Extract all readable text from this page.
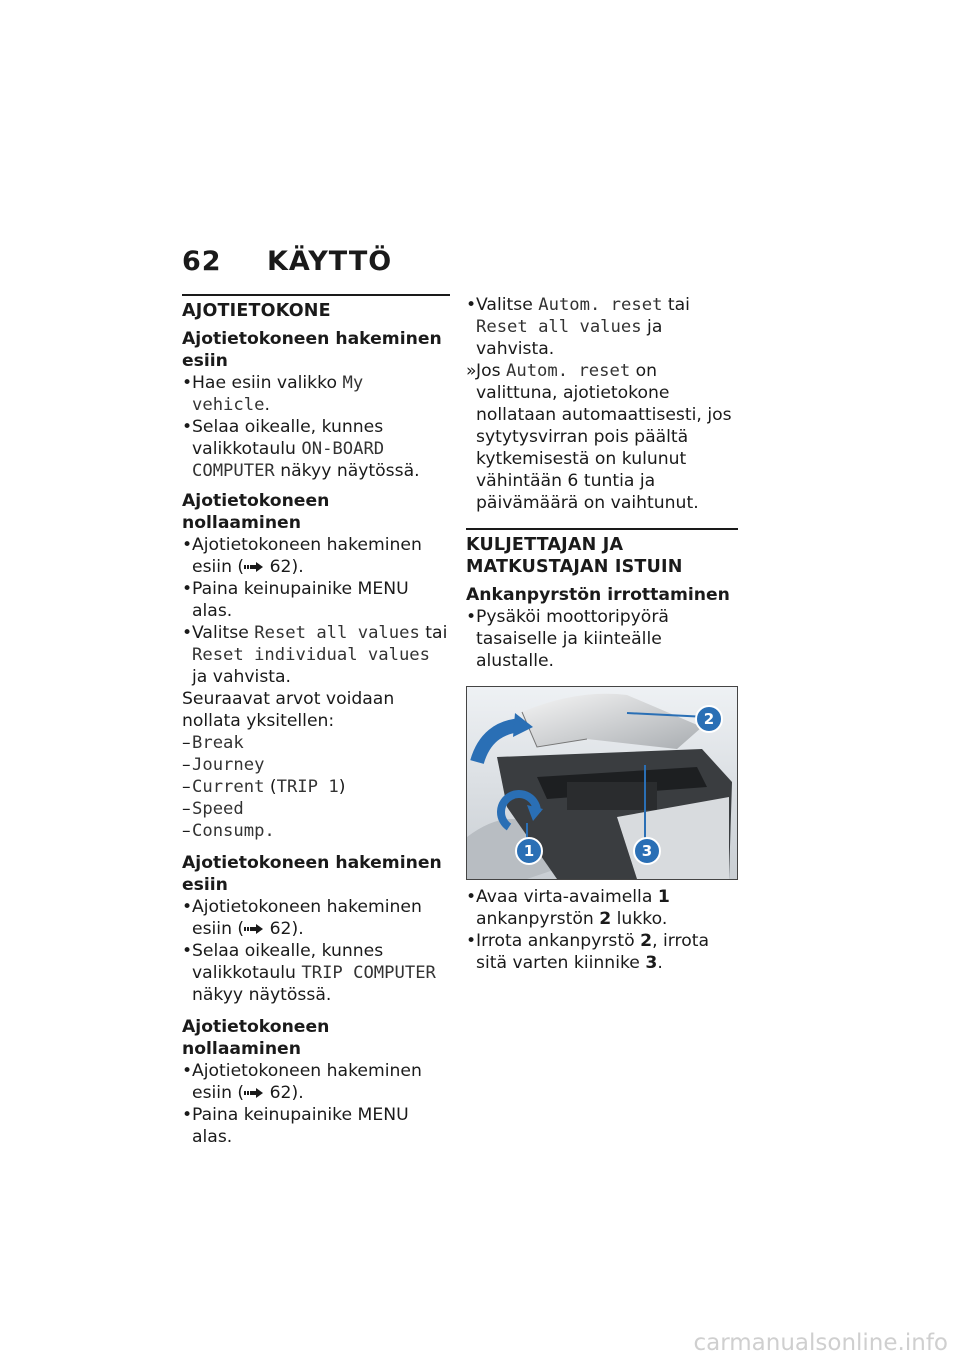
62 KÄYTTÖ
AJOTIETOKONE
Ajotietokoneen hakeminen esiin
• Hae esiin valikko My vehicle.
• Selaa oikealle, kunnes valikkotaulu ON-BOARD COMPUTER näkyy näytössä.
Ajotietokoneen nollaaminen
• Ajotietokoneen hakeminen esiin ( 62).
• Paina keinupainike MENU alas.
• Valitse Reset all values tai Reset individual values ja vahvista.
Seuraavat arvot voidaan nollata yksitellen:
– Break
– Journey
– Current (TRIP 1)
– Speed
– Consump.
Ajotietokoneen hakeminen esiin
• Ajotietokoneen hakeminen esiin ( 62).
• Selaa oikealle, kunnes valikkotaulu TRIP COMPUTER näkyy näytössä.
Ajotietokoneen nollaaminen
• Ajotietokoneen hakeminen esiin ( 62).
• Paina keinupainike MENU alas.
• Valitse Autom. reset tai Reset all values ja vahvista.
» Jos Autom. reset on valittuna, ajotietokone nollataan automaattisesti, jos sytytysvirran pois päältä kytkemisestä on kulunut vähintään 6 tuntia ja päivämäärä on vaihtunut.
KULJETTAJAN JA MATKUSTAJAN ISTUIN
Ankanpyrstön irrottaminen
• Pysäköi moottoripyörä tasaiselle ja kiinteälle alustalle.
1
2
3
• Avaa virta-avaimella 1 ankanpyrstön 2 lukko.
• Irrota ankanpyrstö 2, irrota sitä varten kiinnike 3.
carmanualsonline.info
